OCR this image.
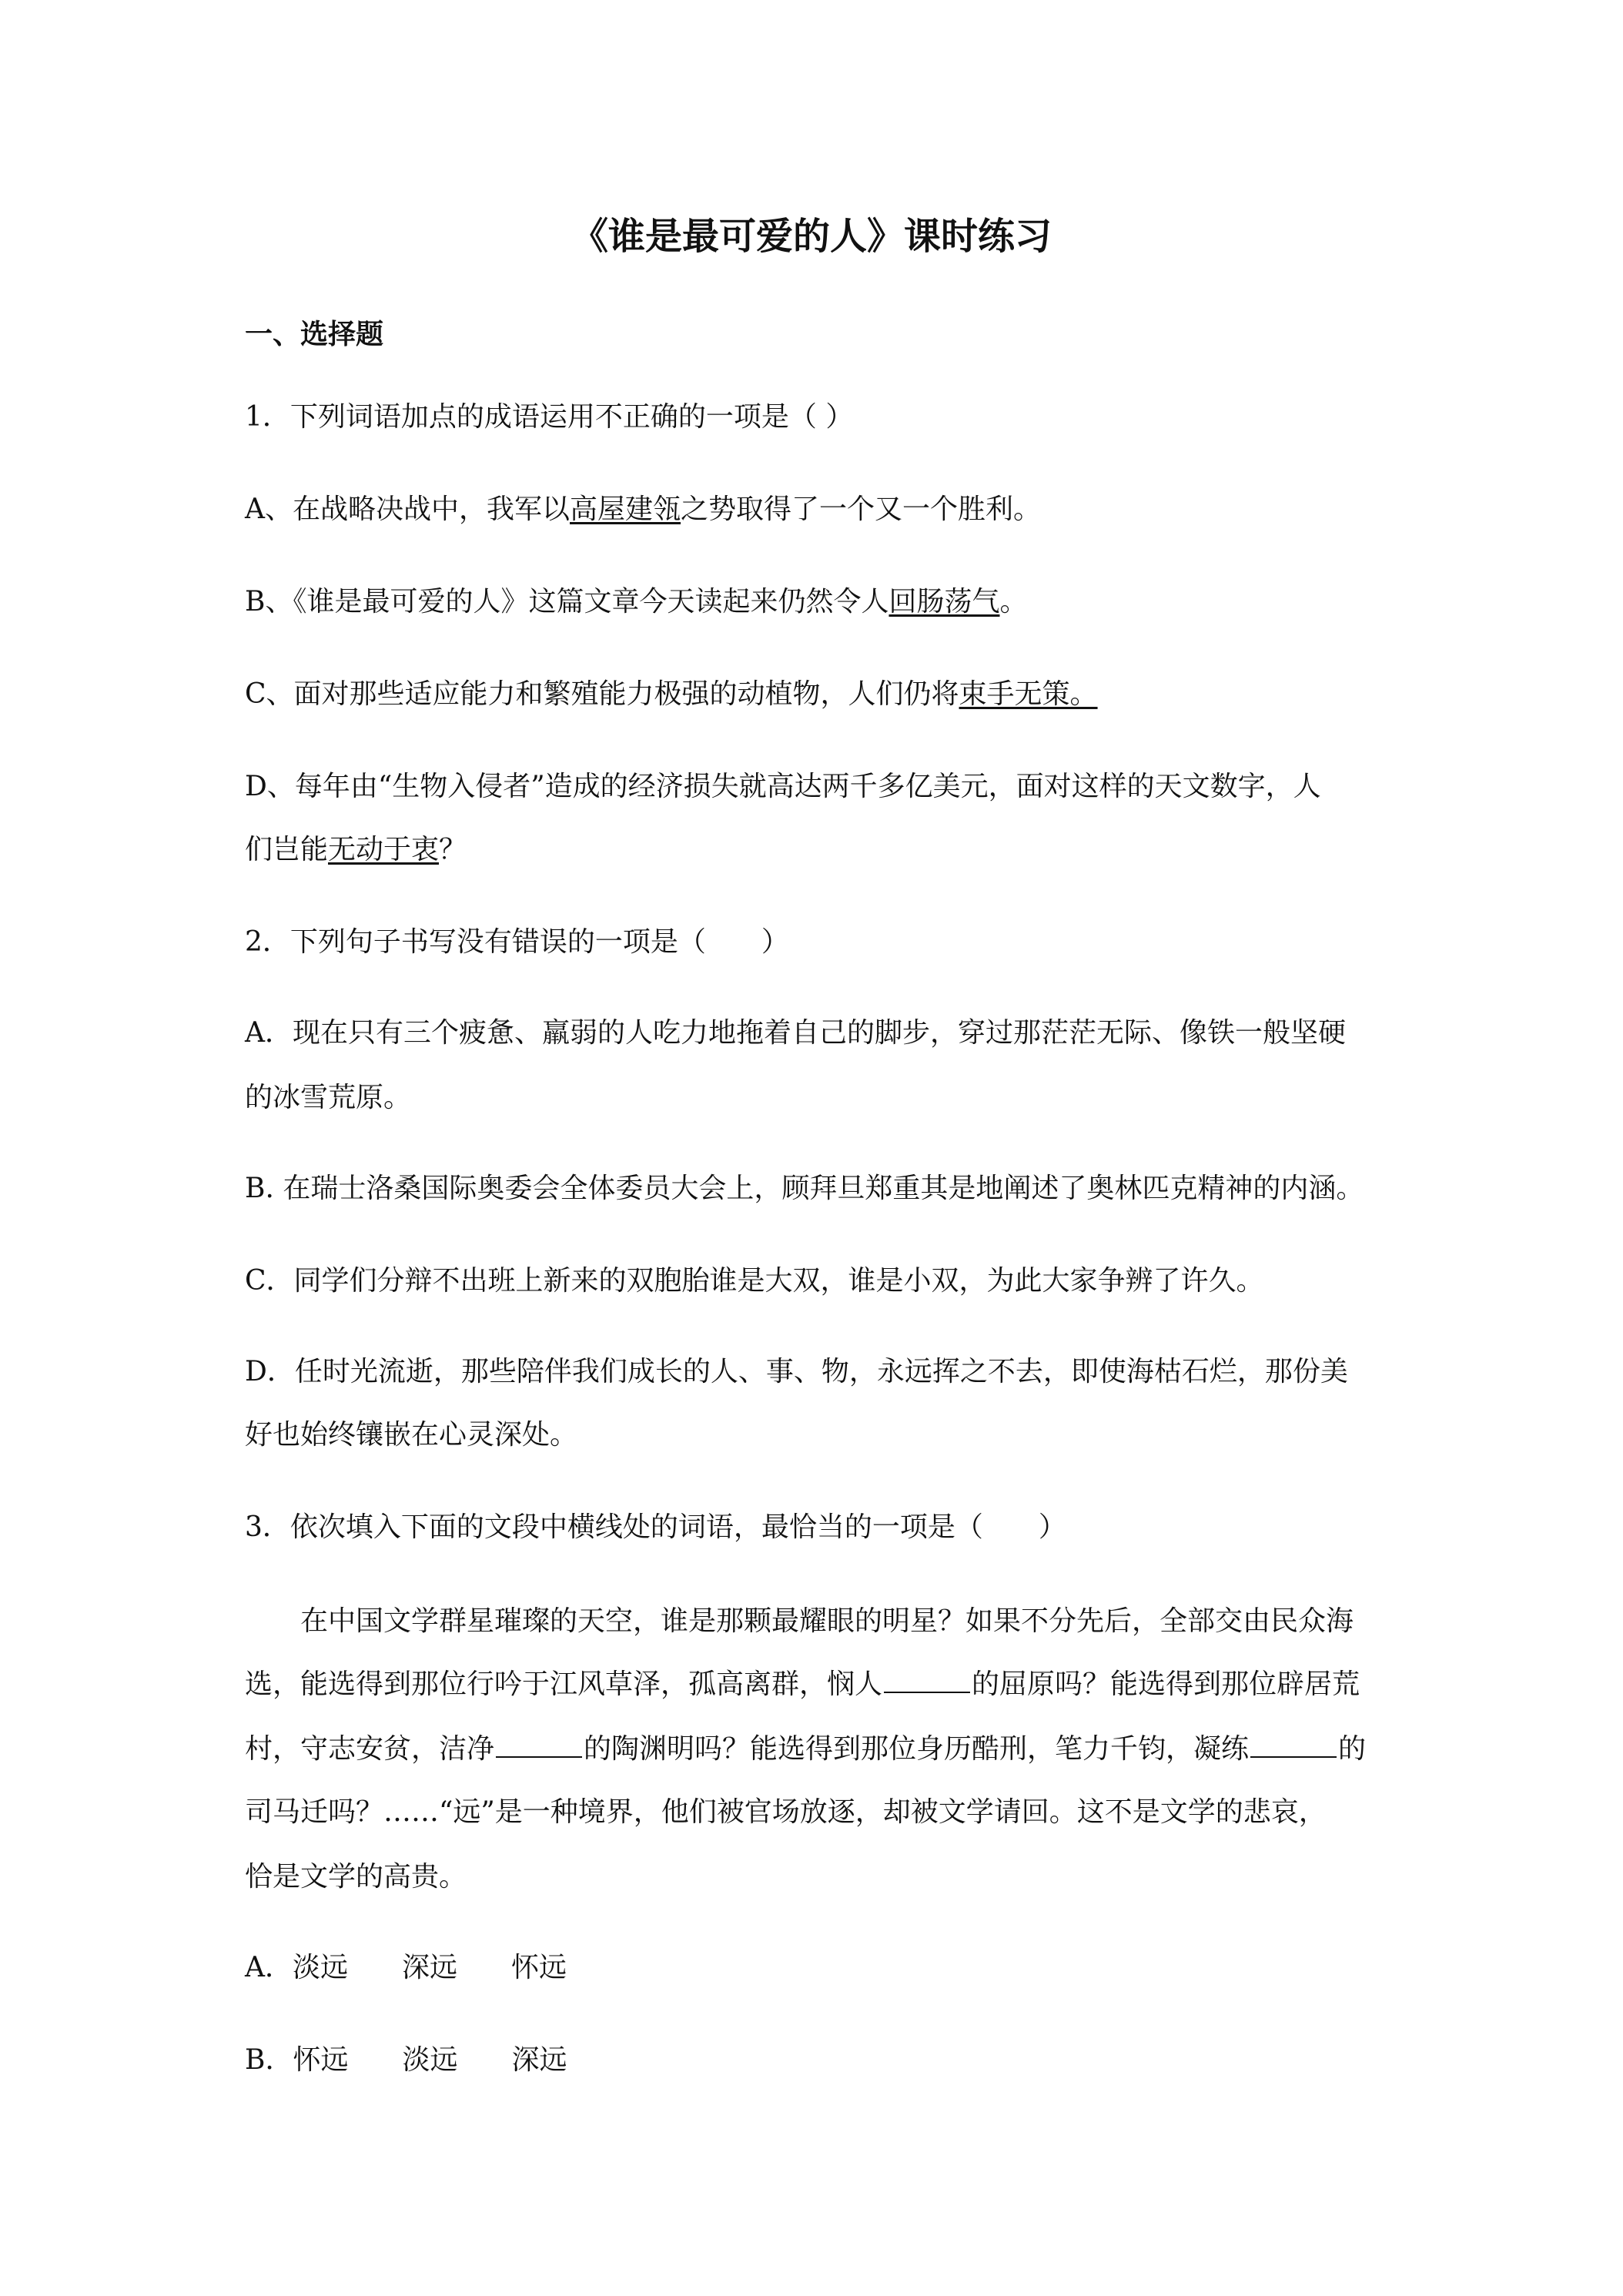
《谁是最可爱的人》课时练习
一、选择题
1．下列词语加点的成语运用不正确的一项是（ ）
A、在战略决战中，我军以高屋建瓴之势取得了一个又一个胜利。
B、《谁是最可爱的人》这篇文章今天读起来仍然令人回肠荡气。
C、面对那些适应能力和繁殖能力极强的动植物，人们仍将束手无策。
D、每年由“生物入侵者”造成的经济损失就高达两千多亿美元，面对这样的天文数字，人
们岂能无动于衷？
2．下列句子书写没有错误的一项是（　　）
A．现在只有三个疲惫、羸弱的人吃力地拖着自己的脚步，穿过那茫茫无际、像铁一般坚硬
的冰雪荒原。
B. 在瑞士洛桑国际奥委会全体委员大会上，顾拜旦郑重其是地阐述了奥林匹克精神的内涵。
C．同学们分辩不出班上新来的双胞胎谁是大双，谁是小双，为此大家争辨了许久。
D．任时光流逝，那些陪伴我们成长的人、事、物，永远挥之不去，即使海枯石烂，那份美
好也始终镶嵌在心灵深处。
3．依次填入下面的文段中横线处的词语，最恰当的一项是（　　）
在中国文学群星璀璨的天空，谁是那颗最耀眼的明星？如果不分先后，全部交由民众海
选，能选得到那位行吟于江风草泽，孤高离群，悯人	的屈原吗？能选得到那位辟居荒
村，守志安贫，洁净	的陶渊明吗？能选得到那位身历酷刑，笔力千钧，凝练	的
司马迁吗？……“远”是一种境界，他们被官场放逐，却被文学请回。这不是文学的悲哀，
恰是文学的高贵。
A．淡远 深远 怀远
B．怀远 淡远 深远
